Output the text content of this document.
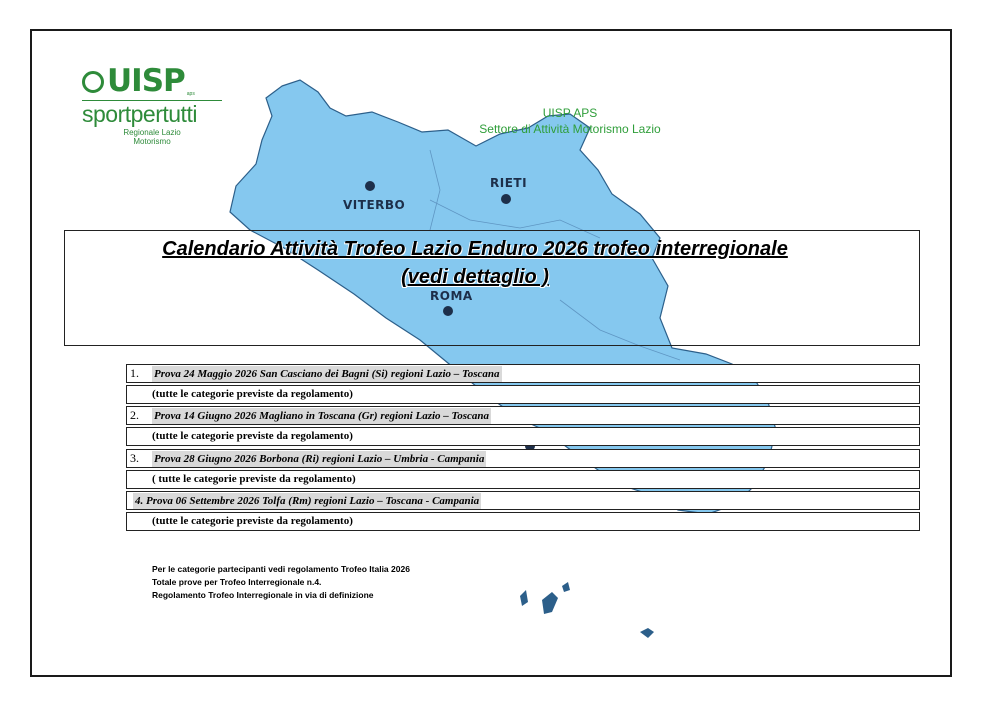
VITERBO
RIETI
ROMA
UISP aps
sportpertutti
Regionale Lazio
Motorismo
UISP APS
Settore di Attività Motorismo Lazio
Calendario Attività Trofeo Lazio Enduro 2026 trofeo interregionale
(vedi dettaglio )
1. Prova 24 Maggio 2026 San Casciano dei Bagni (Si) regioni Lazio – Toscana
(tutte le categorie previste da regolamento)
2. Prova 14 Giugno 2026 Magliano in Toscana (Gr) regioni Lazio – Toscana
(tutte le categorie previste da regolamento)
3. Prova 28 Giugno 2026 Borbona (Ri) regioni Lazio – Umbria - Campania
( tutte le categorie previste da regolamento)
4. Prova 06 Settembre 2026 Tolfa (Rm) regioni Lazio – Toscana - Campania
(tutte le categorie previste da regolamento)
Per le categorie partecipanti vedi regolamento Trofeo Italia 2026
Totale prove per Trofeo Interregionale n.4.
Regolamento Trofeo Interregionale in via di definizione
